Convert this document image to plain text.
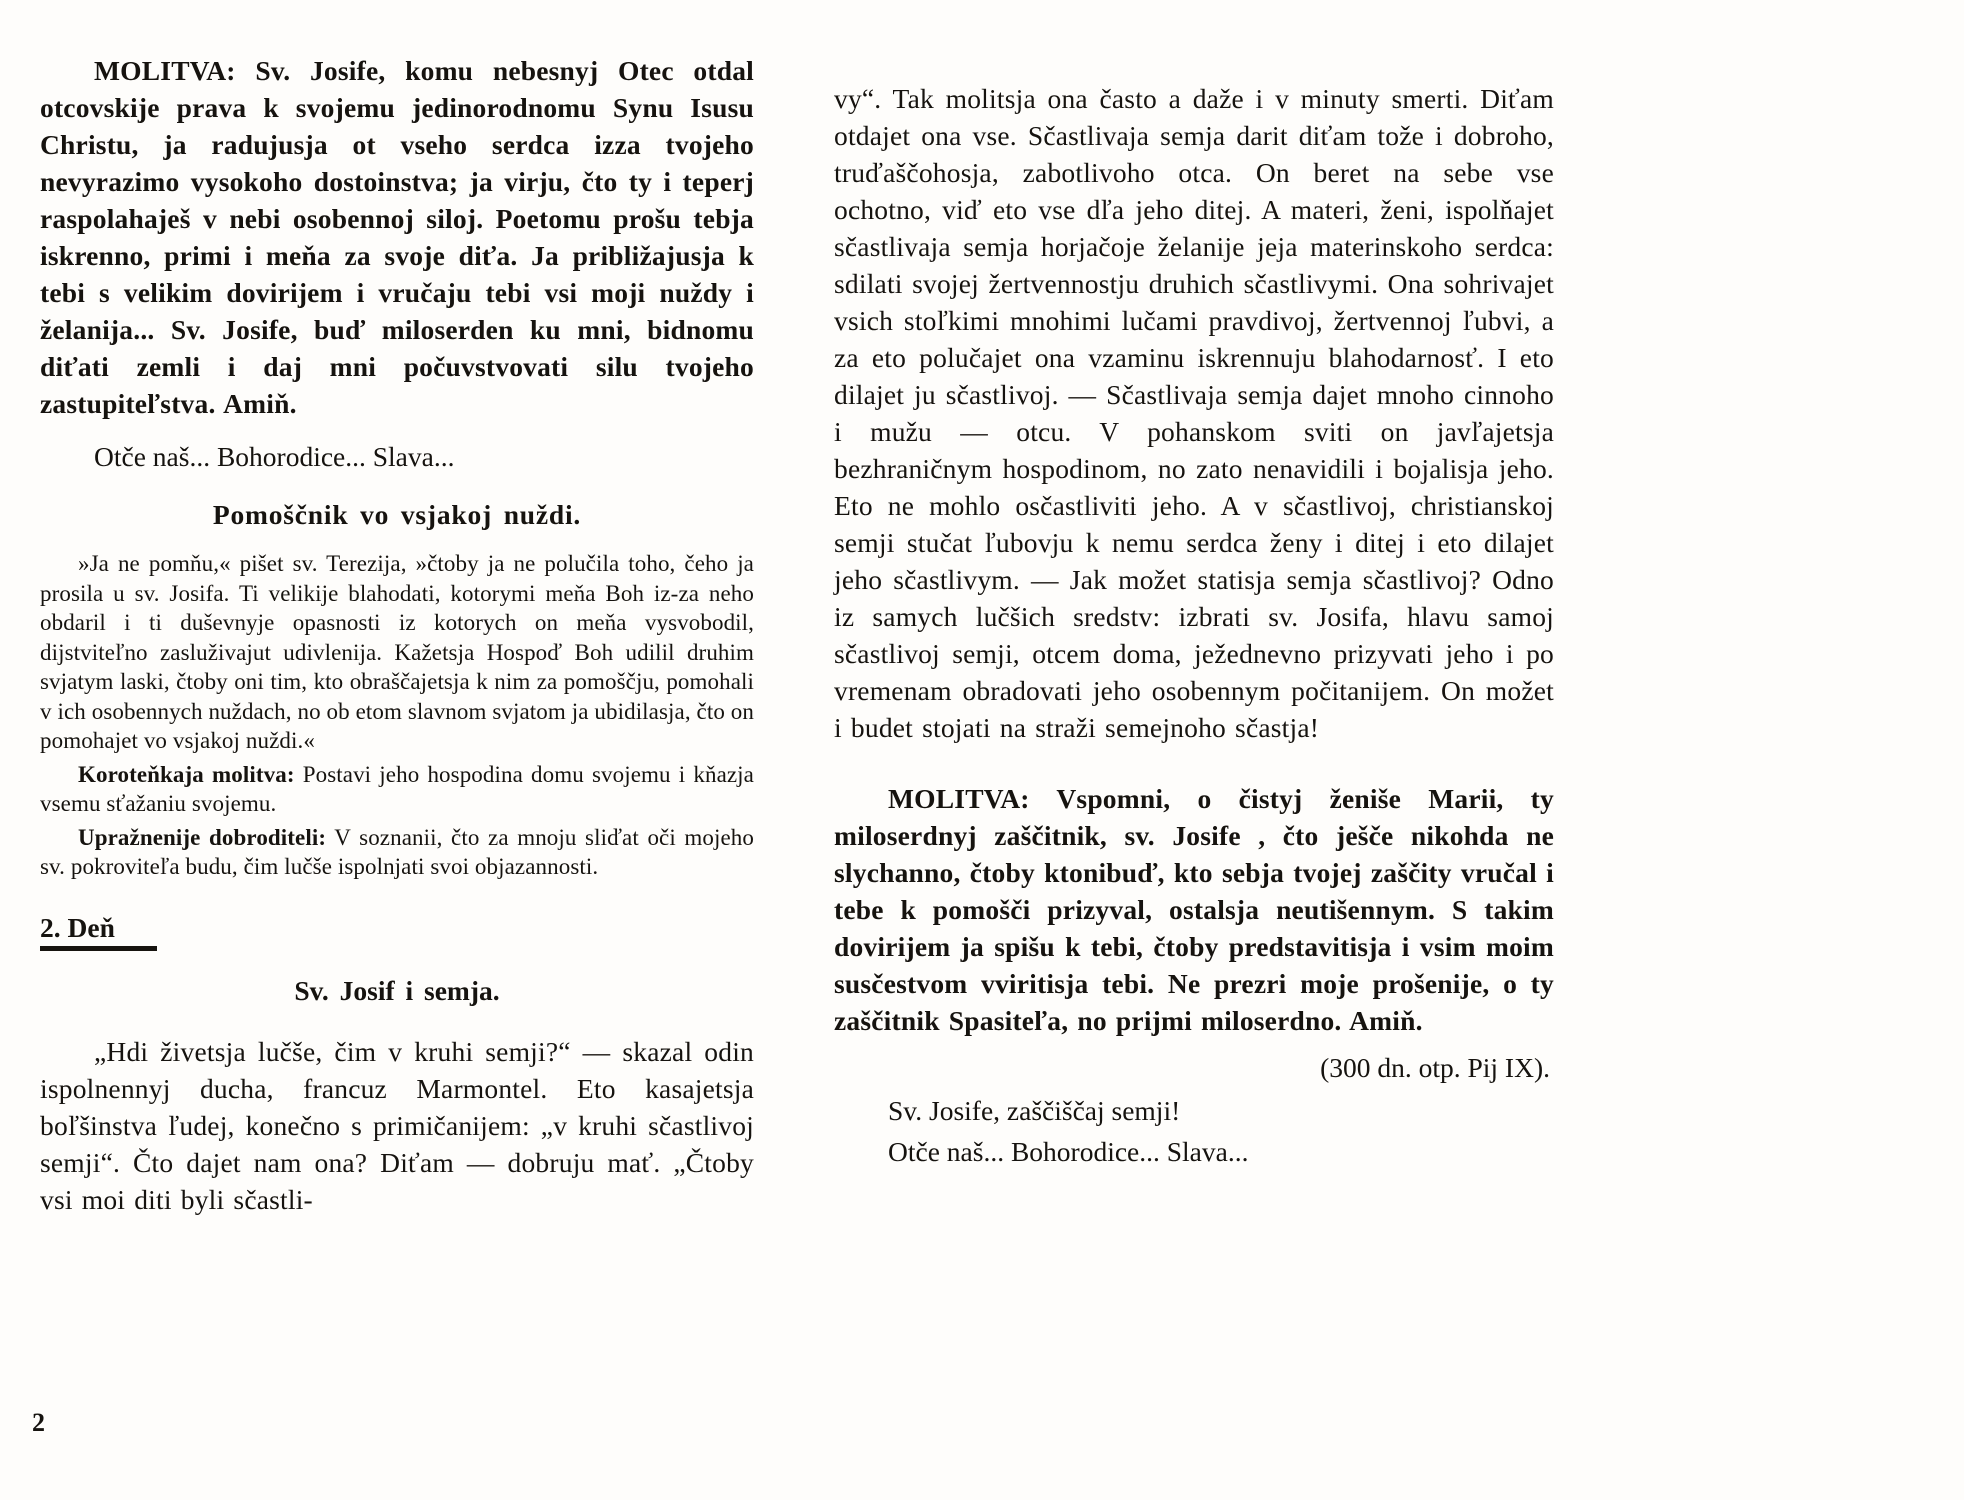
MOLITVA: Sv. Josife, komu nebesnyj Otec otdal otcovskije prava k svojemu jedinorodnomu Synu Isusu Christu, ja radujusja ot vseho serdca izza tvojeho nevyrazimo vysokoho dostoinstva; ja virju, čto ty i teperj raspolahaješ v nebi osobennoj siloj. Poetomu prošu tebja iskrenno, primi i meňa za svoje diťa. Ja približajusja k tebi s velikim dovirijem i vručaju tebi vsi moji nuždy i želanija... Sv. Josife, buď miloserden ku mni, bidnomu diťati zemli i daj mni počuvstvovati silu tvojeho zastupiteľstva. Amiň.

Otče naš... Bohorodice... Slava...

Pomoščnik vo vsjakoj nuždi.

»Ja ne pomňu,« pišet sv. Terezija, »čtoby ja ne polučila toho, čeho ja prosila u sv. Josifa. Ti velikije blahodati, kotorymi meňa Boh iz-za neho obdaril i ti duševnyje opasnosti iz kotorych on meňa vysvobodil, dijstviteľno zasluživajut udivlenija. Kažetsja Hospoď Boh udilil druhim svjatym laski, čtoby oni tim, kto obraščajetsja k nim za pomoščju, pomohali v ich osobennych nuždach, no ob etom slavnom svjatom ja ubidilasja, čto on pomohajet vo vsjakoj nuždi.«

Koroteňkaja molitva: Postavi jeho hospodina domu svojemu i kňazja vsemu sťažaniu svojemu.

Upražnenije dobroditeli: V soznanii, čto za mnoju sliďat oči mojeho sv. pokroviteľa budu, čim lučše ispolnjati svoi objazannosti.

2. Deň
Sv. Josif i semja.

„Hdi živetsja lučše, čim v kruhi semji?“ — skazal odin ispolnennyj ducha, francuz Marmontel. Eto kasajetsja boľšinstva ľudej, konečno s primičanijem: „v kruhi sčastlivoj semji“. Čto dajet nam ona? Diťam — dobruju mať. „Čtoby vsi moi diti byli sčastli-

vy“. Tak molitsja ona často a daže i v minuty smerti. Diťam otdajet ona vse. Sčastlivaja semja darit diťam tože i dobroho, truďaščohosja, zabotlivoho otca. On beret na sebe vse ochotno, viď eto vse dľa jeho ditej. A materi, ženi, ispolňajet sčastlivaja semja horjačoje želanije jeja materinskoho serdca: sdilati svojej žertvennostju druhich sčastlivymi. Ona sohrivajet vsich stoľkimi mnohimi lučami pravdivoj, žertvennoj ľubvi, a za eto polučajet ona vzaminu iskrennuju blahodarnosť. I eto dilajet ju sčastlivoj. — Sčastlivaja semja dajet mnoho cinnoho i mužu — otcu. V pohanskom sviti on javľajetsja bezhraničnym hospodinom, no zato nenavidili i bojalisja jeho. Eto ne mohlo osčastliviti jeho. A v sčastlivoj, christianskoj semji stučat ľubovju k nemu serdca ženy i ditej i eto dilajet jeho sčastlivym. — Jak možet statisja semja sčastlivoj? Odno iz samych lučšich sredstv: izbrati sv. Josifa, hlavu samoj sčastlivoj semji, otcem doma, ježednevno prizyvati jeho i po vremenam obradovati jeho osobennym počitanijem. On možet i budet stojati na straži semejnoho sčastja!

MOLITVA: Vspomni, o čistyj ženiše Marii, ty miloserdnyj zaščitnik, sv. Josife , čto ješče nikohda ne slychanno, čtoby ktonibuď, kto sebja tvojej zaščity vručal i tebe k pomošči prizyval, ostalsja neutišennym. S takim dovirijem ja spišu k tebi, čtoby predstavitisja i vsim moim susčestvom vviritisja tebi. Ne prezri moje prošenije, o ty zaščitnik Spasiteľa, no prijmi miloserdno. Amiň.

(300 dn. otp. Pij IX).

Sv. Josife, zaščiščaj semji!

Otče naš... Bohorodice... Slava...

2
